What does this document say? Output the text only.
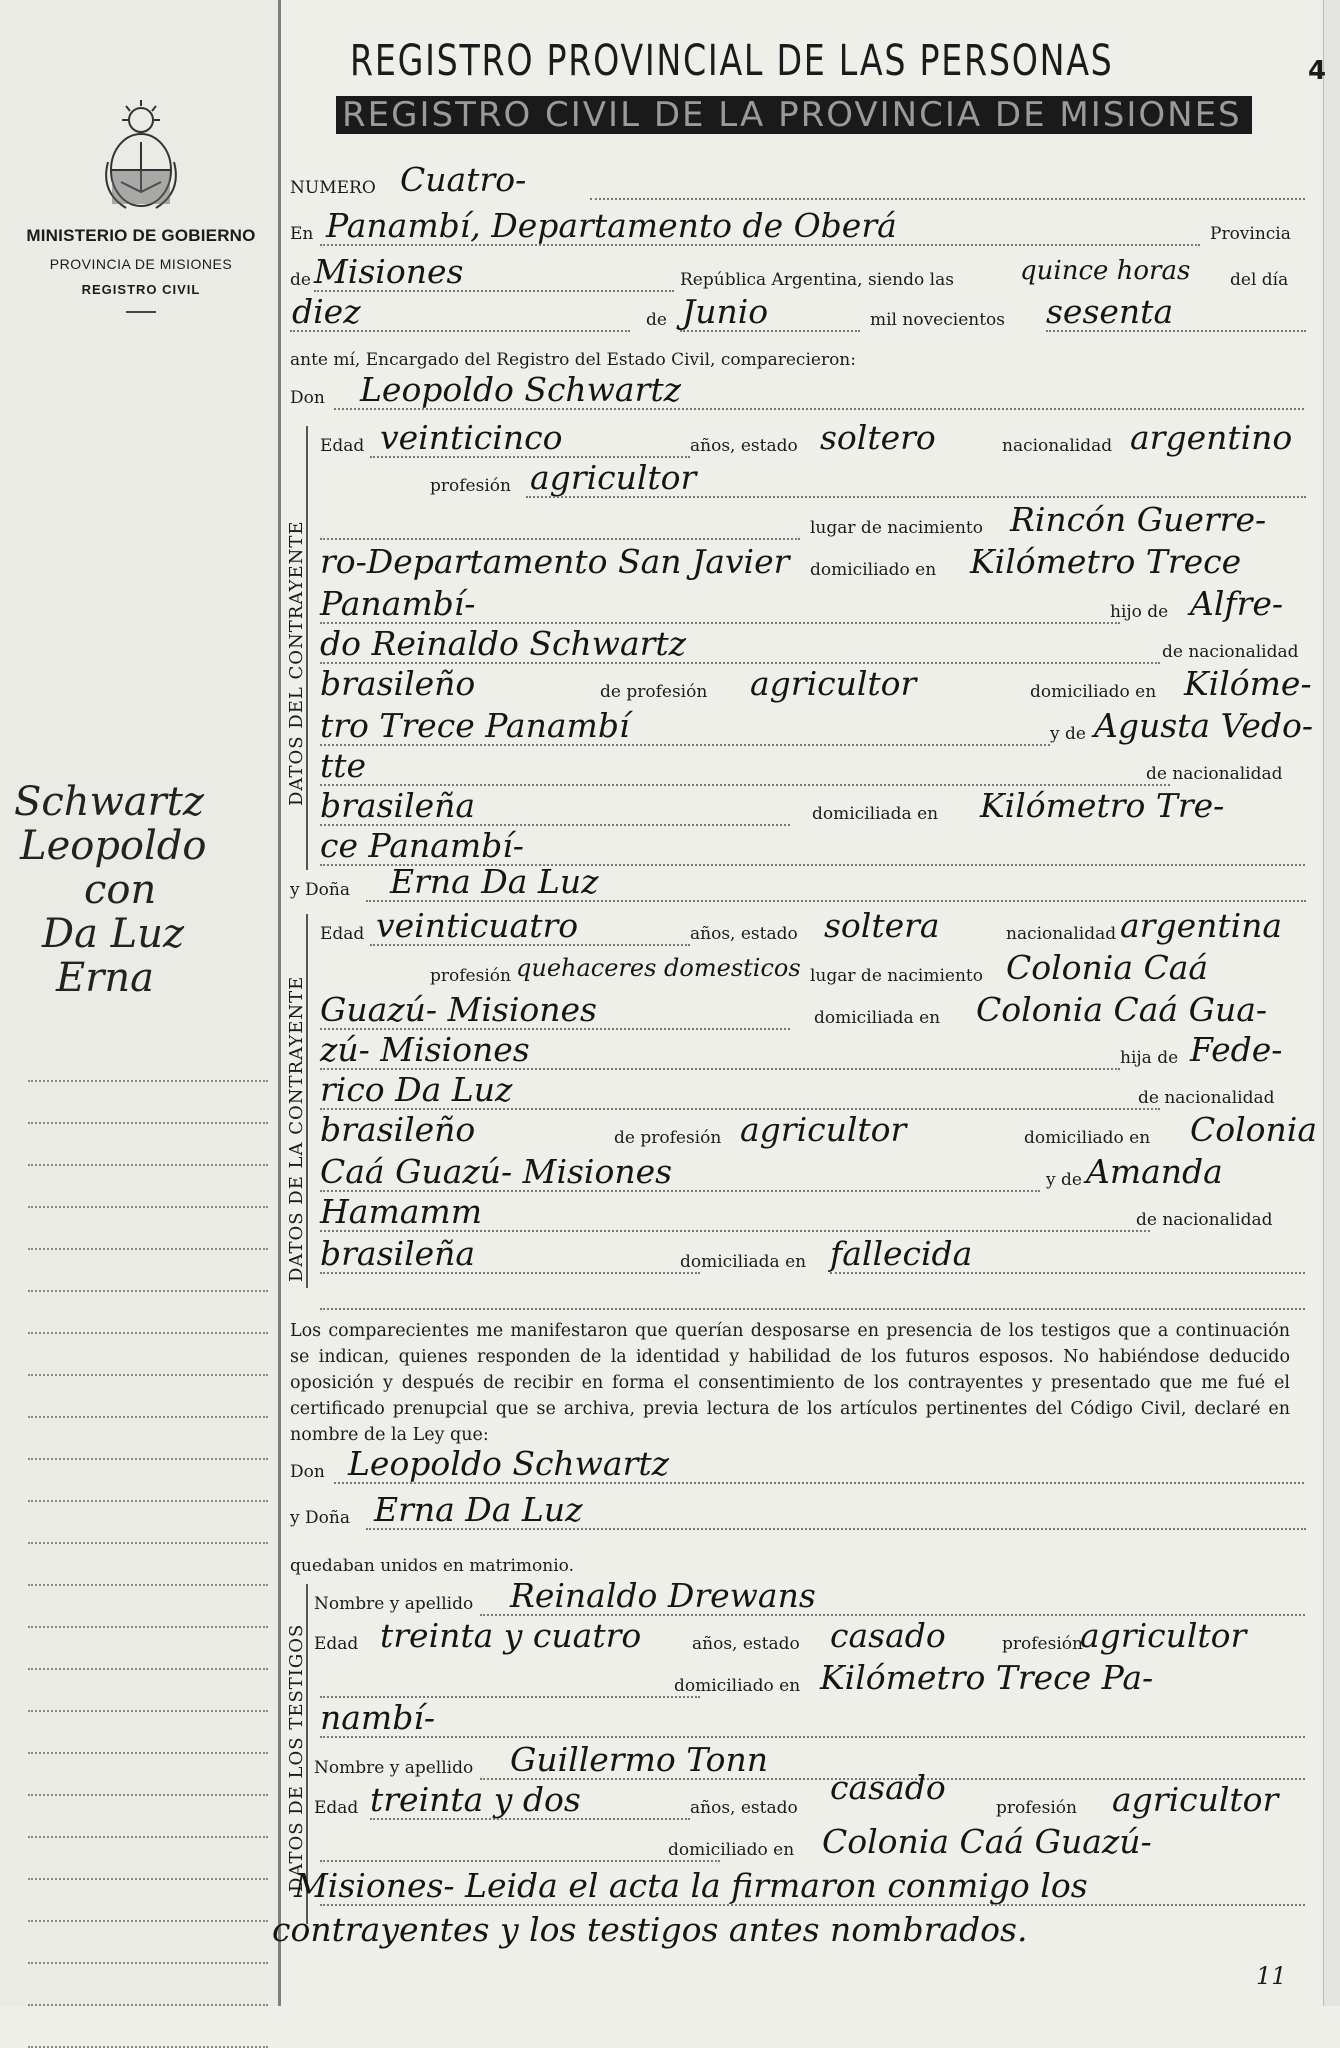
MINISTERIO DE GOBIERNO
PROVINCIA DE MISIONES
REGISTRO CIVIL
Schwartz
Leopoldo
con
Da Luz
Erna
REGISTRO PROVINCIAL DE LAS PERSONAS	4
REGISTRO CIVIL DE LA PROVINCIA DE MISIONES
NUMERO Cuatro-
En Panambí, Departamento de Oberá	Provincia
de Misiones	República Argentina, siendo las	quince horas del día
diez	de Junio	mil novecientos sesenta
ante mí, Encargado del Registro del Estado Civil, comparecieron:
Don Leopoldo Schwartz
DATOS DEL CONTRAYENTE
Edad veinticinco	años, estado soltero	nacionalidad argentino
profesión agricultor
lugar de nacimiento Rincón Guerre-
ro-Departamento San Javier domiciliado en Kilómetro Trece
Panambí-	hijo de Alfre-
do Reinaldo Schwartz	de nacionalidad
brasileño	de profesión agricultor	domiciliado en Kilóme-
tro Trece Panambí	y de Agusta Vedo-
tte	de nacionalidad
brasileña	domiciliada en Kilómetro Tre-
ce Panambí-
y Doña Erna Da Luz
DATOS DE LA CONTRAYENTE
Edad veinticuatro	años, estado soltera	nacionalidad argentina
profesión quehaceres domesticos lugar de nacimiento Colonia Caá
Guazú- Misiones	domiciliada en Colonia Caá Gua-
zú- Misiones	hija de Fede-
rico Da Luz	de nacionalidad
brasileño	de profesión agricultor	domiciliado en Colonia
Caá Guazú- Misiones	y de Amanda
Hamamm	de nacionalidad
brasileña	domiciliada en fallecida
Los comparecientes me manifestaron que querían desposarse en presencia de los testigos que a continuación se indican, quienes responden de la identidad y habilidad de los futuros esposos. No habiéndose deducido oposición y después de recibir en forma el consentimiento de los contrayentes y presentado que me fué el certificado prenupcial que se archiva, previa lectura de los artículos pertinentes del Código Civil, declaré en nombre de la Ley que:
Don Leopoldo Schwartz
y Doña Erna Da Luz
quedaban unidos en matrimonio.
DATOS DE LOS TESTIGOS
Nombre y apellido Reinaldo Drewans
Edad treinta y cuatro	años, estado casado	profesión
agricultor
domiciliado en Kilómetro Trece Pa-
nambí-
Nombre y apellido Guillermo Tonn
Edad treinta y dos	años, estado
casado
profesión agricultor
domiciliado en Colonia Caá Guazú-
Misiones- Leida el acta la firmaron conmigo los
contrayentes y los testigos antes nombrados.
11
